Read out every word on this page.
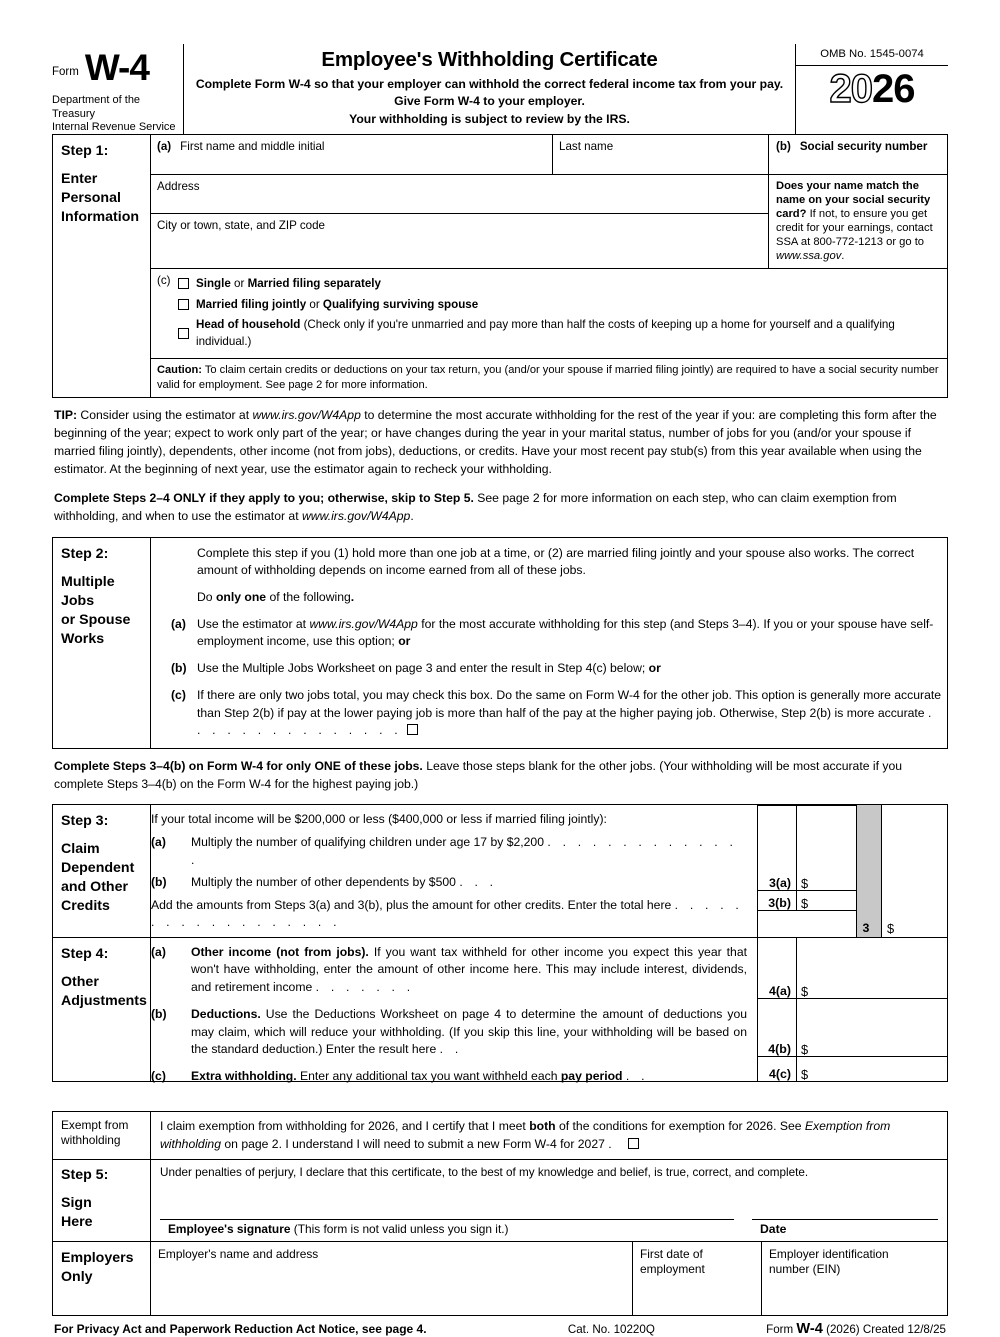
Form W-4
Department of the Treasury
Internal Revenue Service
Employee's Withholding Certificate
Complete Form W-4 so that your employer can withhold the correct federal income tax from your pay.
Give Form W-4 to your employer.
Your withholding is subject to review by the IRS.
OMB No. 1545-0074
2026
Step 1:
Enter
Personal
Information
(a) First name and middle initial	Last name	(b) Social security number
Address
City or town, state, and ZIP code
Does your name match the name on your social security card? If not, to ensure you get credit for your earnings, contact SSA at 800-772-1213 or go to www.ssa.gov.
(c)	Single or Married filing separately
Married filing jointly or Qualifying surviving spouse
Head of household (Check only if you're unmarried and pay more than half the costs of keeping up a home for yourself and a qualifying individual.)
Caution: To claim certain credits or deductions on your tax return, you (and/or your spouse if married filing jointly) are required to have a social security number valid for employment. See page 2 for more information.

TIP: Consider using the estimator at www.irs.gov/W4App to determine the most accurate withholding for the rest of the year if you: are completing this form after the beginning of the year; expect to work only part of the year; or have changes during the year in your marital status, number of jobs for you (and/or your spouse if married filing jointly), dependents, other income (not from jobs), deductions, or credits. Have your most recent pay stub(s) from this year available when using the estimator. At the beginning of next year, use the estimator again to recheck your withholding.

Complete Steps 2–4 ONLY if they apply to you; otherwise, skip to Step 5. See page 2 for more information on each step, who can claim exemption from withholding, and when to use the estimator at www.irs.gov/W4App.

Step 2:
Multiple Jobs
or Spouse
Works

Complete this step if you (1) hold more than one job at a time, or (2) are married filing jointly and your spouse also works. The correct amount of withholding depends on income earned from all of these jobs.

Do only one of the following.

(a) Use the estimator at www.irs.gov/W4App for the most accurate withholding for this step (and Steps 3–4). If you or your spouse have self-employment income, use this option; or

(b) Use the Multiple Jobs Worksheet on page 3 and enter the result in Step 4(c) below; or

(c) If there are only two jobs total, you may check this box. Do the same on Form W-4 for the other job. This option is generally more accurate than Step 2(b) if pay at the lower paying job is more than half of the pay at the higher paying job. Otherwise, Step 2(b) is more accurate . . . . . . . . . . . . . . .

Complete Steps 3–4(b) on Form W-4 for only ONE of these jobs. Leave those steps blank for the other jobs. (Your withholding will be most accurate if you complete Steps 3–4(b) on the Form W-4 for the highest paying job.)
Step 3:
Claim
Dependent
and Other
Credits

If your total income will be $200,000 or less ($400,000 or less if married filing jointly):

(a) Multiply the number of qualifying children under age 17 by $2,200 . . . . . . . . . . . . . .

(b) Multiply the number of other dependents by $500 . . .

Add the amounts from Steps 3(a) and 3(b), plus the amount for other credits. Enter the total here . . . . . . . . . . . . . . . . . .

3(a) $
3(b) $
3	$
Step 4:
Other
Adjustments

(a) Other income (not from jobs). If you want tax withheld for other income you expect this year that won't have withholding, enter the amount of other income here. This may include interest, dividends, and retirement income . . . . . . .

(b) Deductions. Use the Deductions Worksheet on page 4 to determine the amount of deductions you may claim, which will reduce your withholding. (If you skip this line, your withholding will be based on the standard deduction.) Enter the result here . .

(c) Extra withholding. Enter any additional tax you want withheld each pay period . .

4(a) $
4(b) $
4(c) $
Exempt from
withholding
I claim exemption from withholding for 2026, and I certify that I meet both of the conditions for exemption for 2026. See Exemption from withholding on page 2. I understand I will need to submit a new Form W-4 for 2027 .
Step 5:
Sign
Here
Under penalties of perjury, I declare that this certificate, to the best of my knowledge and belief, is true, correct, and complete.
Employee's signature (This form is not valid unless you sign it.)	Date
Employers
Only
Employer's name and address	First date of
employment
Employer identification
number (EIN)
For Privacy Act and Paperwork Reduction Act Notice, see page 4.	Cat. No. 10220Q	Form W-4 (2026) Created 12/8/25
